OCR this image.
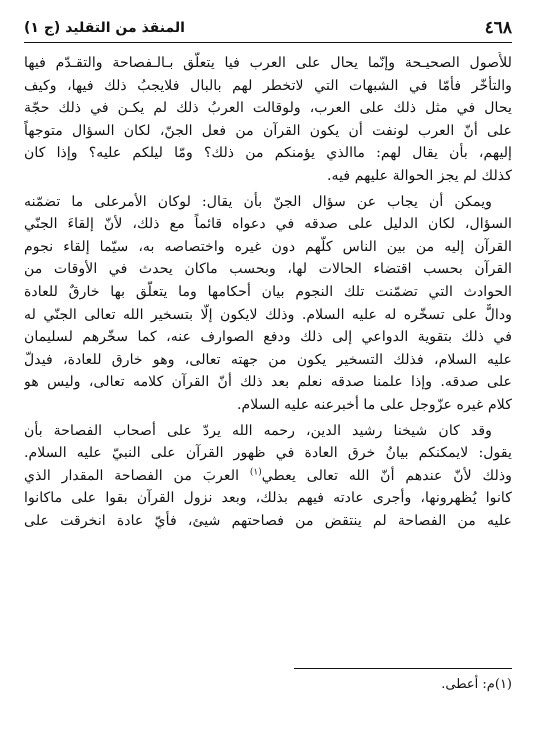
٤٦٨
المنقذ من التقليد (ج ١)
للأُصول الصحيـحة وإنّما يحال على العرب فيا يتعلّق بـالـفصاحة والتقـدّم فيها
والتأخّر فأمّا في الشبهات التي لاتخطر لهم بالبال فلايجبُ ذلك فيها، وكيف
يحال في مثل ذلك على العرب، ولوقالت العربُ ذلك لم يكـن في ذلك حجّة
على أنّ العرب لونفت أن يكون القرآن من فعل الجنّ، لكان السؤال متوجهاً
إليهم، بأن يقال لهم: ماالذي يؤمنكم من ذلك؟ ومّا ليلكم عليه؟ وإذا كان
كذلك لم يجز الحوالة عليهم فيه.
ويمكن أن يجاب عن سؤال الجنّ بأن يقال: لوكان الأمرعلى ما تضمّنه
السؤال، لكان الدليل على صدقه في دعواه قائماً مع ذلك، لأنّ إلقاءَ الجنّي
القرآن إليه من بين الناس كلّهم دون غيره واختصاصه به، سيّما إلقاء نجوم
القرآن بحسب اقتضاء الحالات لها، وبحسب ماكان يحدث في الأوقات من
الحوادث التي تضمّنت تلك النجوم بيان أحكامها وما يتعلّق بها خارقٌ للعادة
ودالٌّ على تسخّره له عليه السلام. وذلك لايكون إلّا بتسخير الله تعالى الجنّي له
في ذلك بتقوية الدواعي إلى ذلك ودفع الصوارف عنه، كما سخّرهم لسليمان
عليه السلام، فذلك التسخير يكون من جهته تعالى، وهو خارق للعادة، فيدلّ
على صدقه. وإذا علمنا صدقه نعلم بعد ذلك أنّ القرآن كلامه تعالى، وليس هو
كلام غيره عزّوجل على ما أخبرعنه عليه السلام.
وقد كان شيخنا رشيد الدين، رحمه الله يردّ على أصحاب الفصاحة بأن
يقول: لايمكنكم بيانُ خرق العادة في ظهور القرآن على النبيّ عليه السلام.
وذلك لأنّ عندهم أنّ الله تعالى يعطي$^{(١)}$ العربَ من الفصاحة المقدار الذي
كانوا يُظهرونها، وأجرى عادته فيهم بذلك، وبعد نزول القرآن بقوا على ماكانوا
عليه من الفصاحة لم ينتقض من فصاحتهم شيئ، فأيّ عادة انخرقت على
(١)م: أعطى.
